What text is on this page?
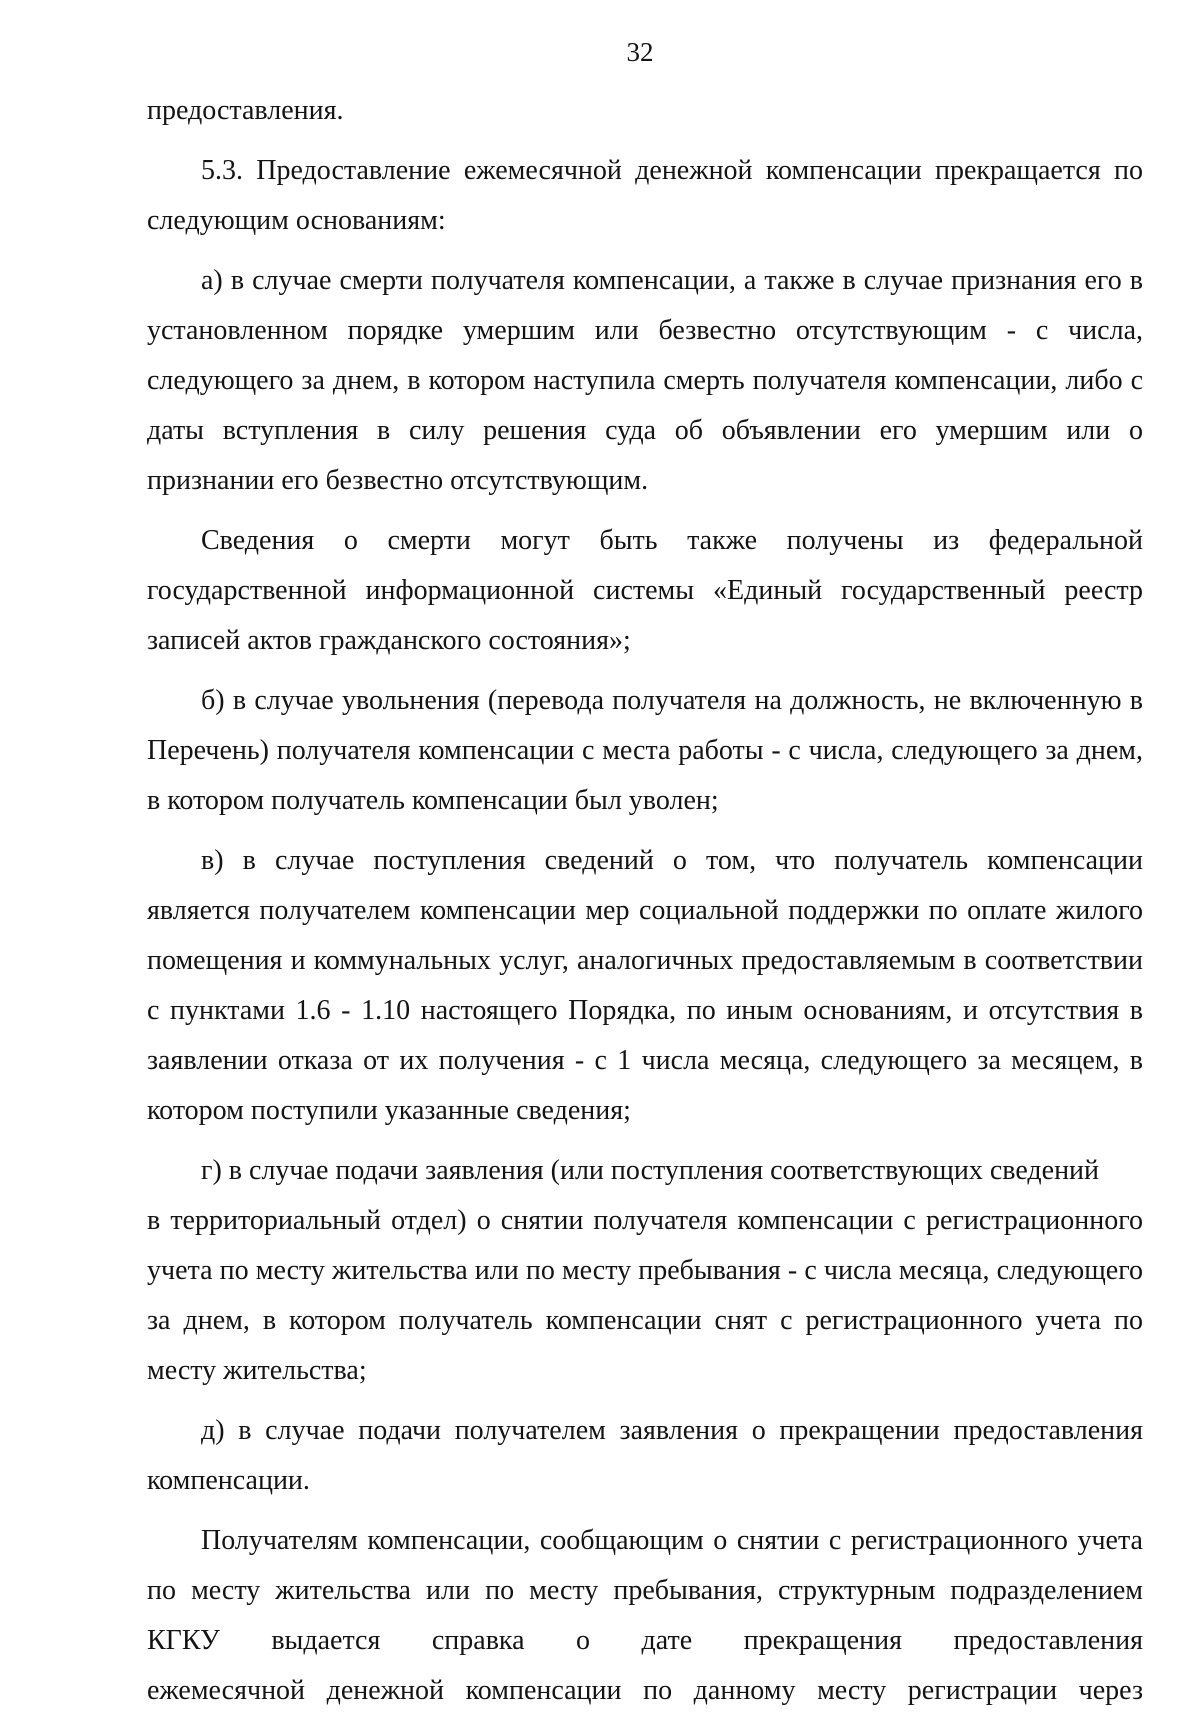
32

предоставления.

5.3. Предоставление ежемесячной денежной компенсации прекращается по следующим основаниям:

а) в случае смерти получателя компенсации, а также в случае признания его в установленном порядке умершим или безвестно отсутствующим - с числа, следующего за днем, в котором наступила смерть получателя компенсации, либо с даты вступления в силу решения суда об объявлении его умершим или о признании его безвестно отсутствующим.

Сведения о смерти могут быть также получены из федеральной государственной информационной системы «Единый государственный реестр записей актов гражданского состояния»;

б) в случае увольнения (перевода получателя на должность, не включенную в Перечень) получателя компенсации с места работы - с числа, следующего за днем, в котором получатель компенсации был уволен;

в) в случае поступления сведений о том, что получатель компенсации является получателем компенсации мер социальной поддержки по оплате жилого помещения и коммунальных услуг, аналогичных предоставляемым в соответствии с пунктами 1.6 - 1.10 настоящего Порядка, по иным основаниям, и отсутствия в заявлении отказа от их получения - с 1 числа месяца, следующего за месяцем, в котором поступили указанные сведения;

г) в случае подачи заявления (или поступления соответствующих сведений

в территориальный отдел) о снятии получателя компенсации с регистрационного учета по месту жительства или по месту пребывания - с числа месяца, следующего за днем, в котором получатель компенсации снят с регистрационного учета по месту жительства;

д) в случае подачи получателем заявления о прекращении предоставления компенсации.

Получателям компенсации, сообщающим о снятии с регистрационного учета по месту жительства или по месту пребывания, структурным подразделением КГКУ выдается справка о дате прекращения предоставления

ежемесячной денежной компенсации по данному месту регистрации через
